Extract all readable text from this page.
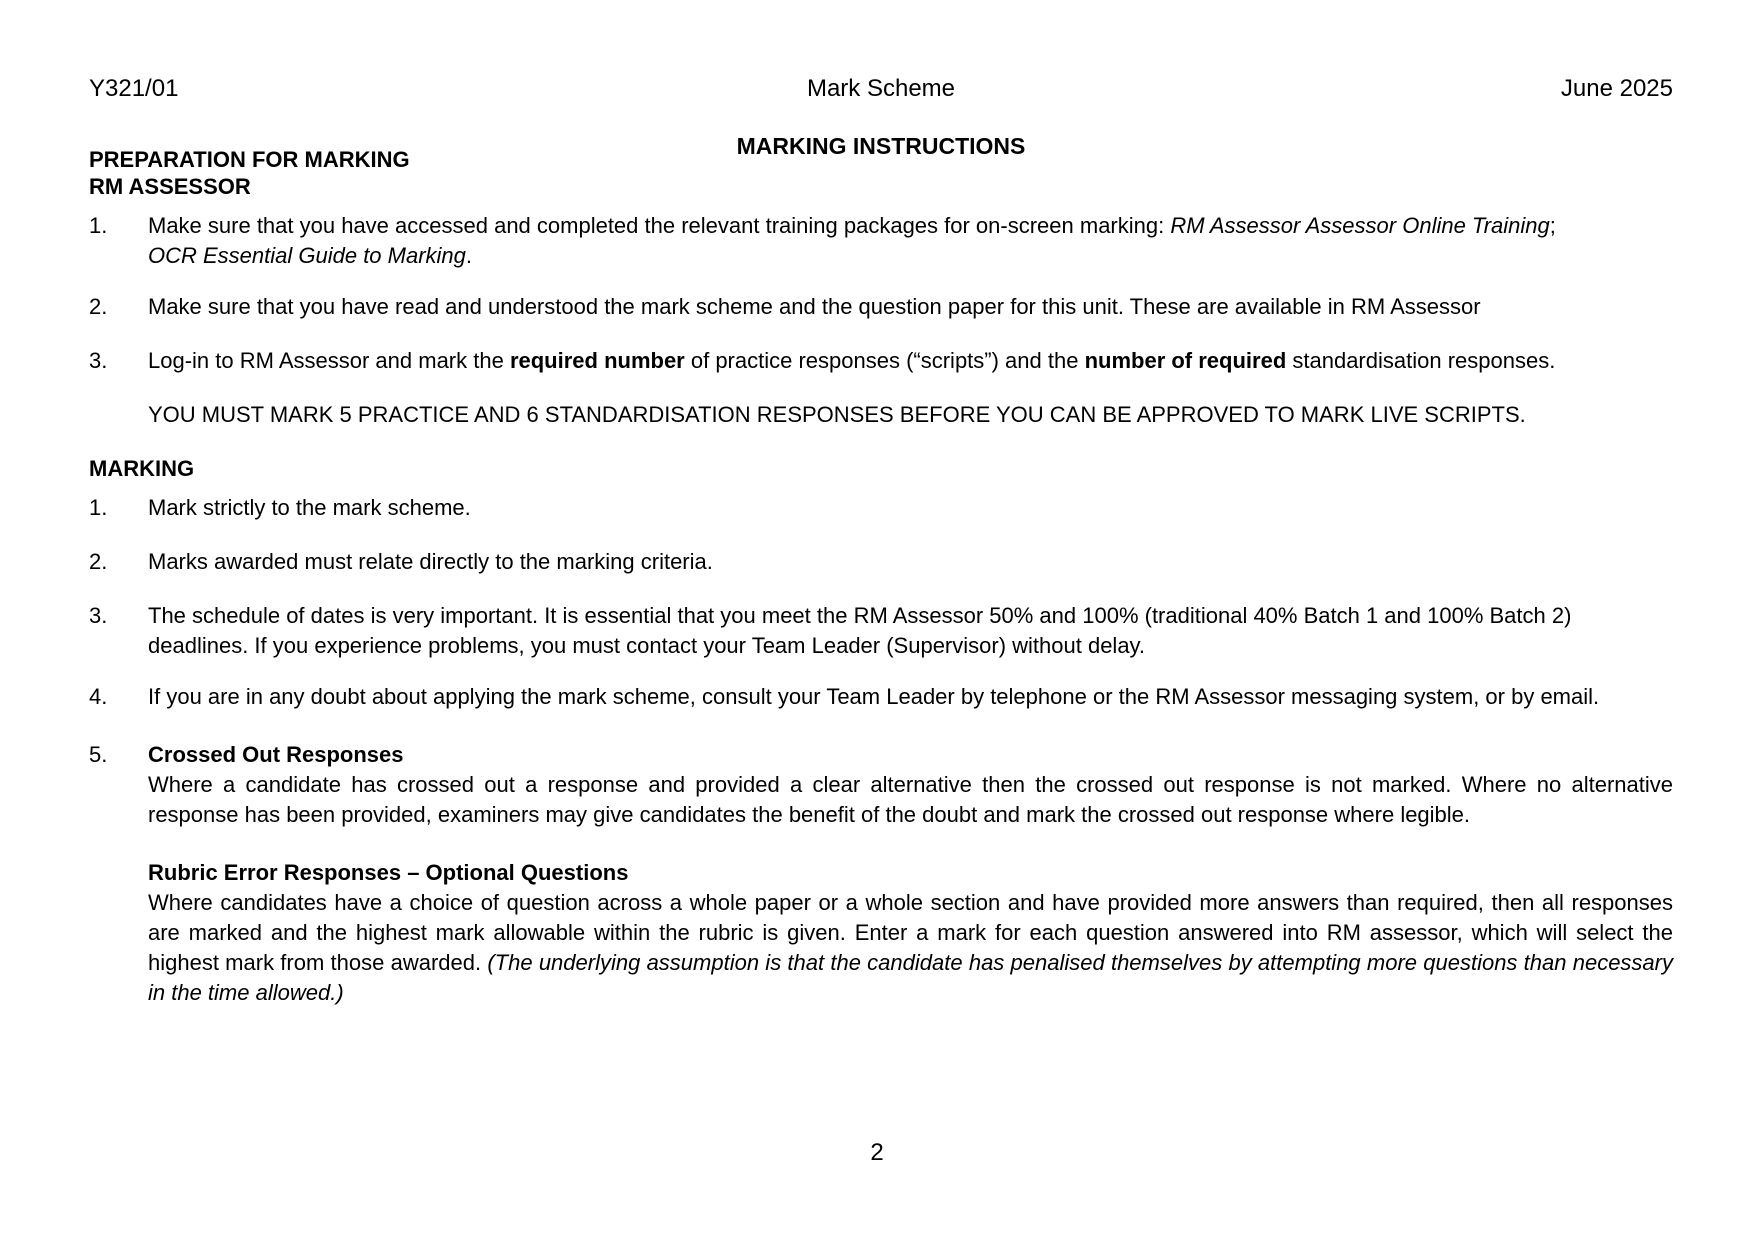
Y321/01	Mark Scheme	June 2025
MARKING INSTRUCTIONS
PREPARATION FOR MARKING
RM ASSESSOR
1. Make sure that you have accessed and completed the relevant training packages for on-screen marking: RM Assessor Assessor Online Training;
OCR Essential Guide to Marking.
2. Make sure that you have read and understood the mark scheme and the question paper for this unit. These are available in RM Assessor
3. Log-in to RM Assessor and mark the required number of practice responses (“scripts”) and the number of required standardisation responses.
YOU MUST MARK 5 PRACTICE AND 6 STANDARDISATION RESPONSES BEFORE YOU CAN BE APPROVED TO MARK LIVE SCRIPTS.
MARKING
1. Mark strictly to the mark scheme.
2. Marks awarded must relate directly to the marking criteria.
3. The schedule of dates is very important. It is essential that you meet the RM Assessor 50% and 100% (traditional 40% Batch 1 and 100% Batch 2) deadlines. If you experience problems, you must contact your Team Leader (Supervisor) without delay.
4. If you are in any doubt about applying the mark scheme, consult your Team Leader by telephone or the RM Assessor messaging system, or by email.
5. Crossed Out Responses
Where a candidate has crossed out a response and provided a clear alternative then the crossed out response is not marked. Where no alternative response has been provided, examiners may give candidates the benefit of the doubt and mark the crossed out response where legible.
Rubric Error Responses – Optional Questions
Where candidates have a choice of question across a whole paper or a whole section and have provided more answers than required, then all responses are marked and the highest mark allowable within the rubric is given. Enter a mark for each question answered into RM assessor, which will select the highest mark from those awarded. (The underlying assumption is that the candidate has penalised themselves by attempting more questions than necessary in the time allowed.)
2
